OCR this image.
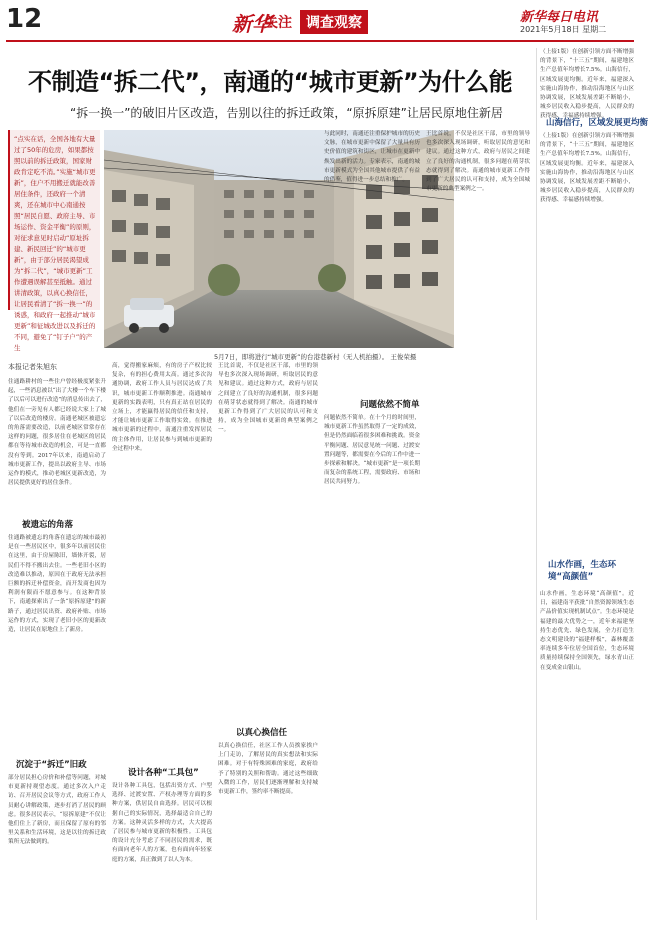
12	新华
关注	调查观察	新华每日电讯
2021年5月18日 星期二
不制造“拆二代”，南通的“城市更新”为什么能
“拆一换一”的破旧片区改造，告别以往的拆迁政策，“原拆原建”让居民原地住新居
“点实在话，全国各地有大量过了50年的危房，如果都按照以前的拆迁政策，国家财政肯定吃不消。”实施“城市更新”，住户不用搬迁就能改善居住条件，还政府一个清爽，还在城市中心南通按照“居民自愿、政府主导、市场运作、资金平衡”的原则，对征求意见时启动“原址拆建、新民回迁”的“城市更新”，由于部分居民渴望成为“拆二代”，“城市更新”工作遭遇误解甚至抵触。通过讲清政策，以真心换信任，让居民看清了“拆一换一”的诱惑，和政府一起推动“城市更新”和征城改进以及拆迁的不同，避免了“钉子户”的产生
5月7日，即将进行“城市更新”的台港巷新村（无人机拍摄）。 王俊荣摄
本报记者朱旭东
住通路耕村的一些住户曾经极度紧张升起，一些消息被以“出了大楼一个车下楼了以后可以进行改造”的消息传出去了，他们在一旁见有人都已经说大家上了城了以后改造的楼房。南通老城区被遗忘的角落需要改造，以前老城区常常存在这样的问题，很多居住在老城区的居民都在等待城市改造的机会，可是一直都没有等到。2017年以来，南通启动了城市更新工作，提出以政府主导、市场运作的模式，推动老城区更新改造，为居民提供更好的居住条件。
被遗忘的角落
住通路被遗忘的角落在遗忘的城市最初是在一些居民区中，很多年以前居民住在这里，由于房屋陈旧，墙体开裂，居民们不得不搬出去住。一些老旧小区的改造难以推动，原因在于政府无法承担巨额的拆迁补偿资金，而开发商也因为利润有限而不愿意参与。在这种背景下，南通探索出了一条“原拆原建”的新路子，通过居民出资、政府补贴、市场运作的方式，实现了老旧小区的更新改造，让居民在原地住上了新房。
沉淀于“拆迁”旧政
部分居民担心房价和补偿等问题，对城市更新持观望态度。通过多次入户走访、召开居民会议等方式，政府工作人员耐心讲解政策，逐步打消了居民的顾虑。很多居民表示，“原拆原建”不仅让他们住上了新房，而且保留了原有的邻里关系和生活环境，这是以往的拆迁政策所无法做到的。
高，觉得搬家麻烦，有的房子产权比较复杂，有的担心费用太高。通过多次沟通协调，政府工作人员与居民达成了共识，城市更新工作顺利推进。南通城市更新的实践表明，只有真正站在居民的立场上，才能赢得居民的信任和支持，才能让城市更新工作取得实效。在推进城市更新的过程中，南通注重发挥居民的主体作用，让居民参与到城市更新的全过程中来。
设计各种“工具包”
设计各种工具包，包括出资方式、户型选择、过渡安置、产权办理等方面的多种方案，供居民自由选择。居民可以根据自己的实际情况，选择最适合自己的方案。这种灵活多样的方式，大大提高了居民参与城市更新的积极性。工具包的设计充分考虑了不同居民的需求，既有面向老年人的方案，也有面向年轻家庭的方案，真正做到了以人为本。
王比首说，不仅是社区干部，市里的领导也多次深入现场调研，听取居民的意见和建议。通过这种方式，政府与居民之间建立了良好的沟通机制，很多问题在萌芽状态就得到了解决。南通的城市更新工作得到了广大居民的认可和支持，成为全国城市更新的典型案例之一。
以真心换信任
以真心换信任，社区工作人员挨家挨户上门走访，了解居民的真实想法和实际困难。对于有特殊困难的家庭，政府给予了特别的关照和帮助。通过这些细致入微的工作，居民们逐渐理解和支持城市更新工作，签约率不断提高。
问题依然不简单
与此同时，南通还注重保护城市的历史文脉，在城市更新中保留了大量具有历史价值的建筑和街区，让城市在更新中焕发出新的活力。专家表示，南通的城市更新模式为全国其他城市提供了有益的借鉴，值得进一步总结和推广。
问题依然不简单。在十个月的时间里，城市更新工作虽然取得了一定的成效，但是仍然面临着很多困难和挑战。资金平衡问题、居民意见统一问题、过渡安置问题等，都需要在今后的工作中进一步探索和解决。“城市更新”是一项长期而复杂的系统工程，需要政府、市场和居民共同努力。
王比首说，不仅是社区干部，市里的领导也多次深入现场调研，听取居民的意见和建议。通过这种方式，政府与居民之间建立了良好的沟通机制，很多问题在萌芽状态就得到了解决。南通的城市更新工作得到了广大居民的认可和支持，成为全国城市更新的典型案例之一。
（上接1版）在创新引领方面不断增强的背景下，“十三五”期间，福建地区生产总值年均增长7.5%。山海信行，区域发展更均衡。近年来，福建深入实施山海协作，推动沿海地区与山区协调发展，区域发展差距不断缩小，城乡居民收入稳步提高，人民群众的获得感、幸福感持续增强。
山海信行，区域发展更均衡
（上接1版）在创新引领方面不断增强的背景下，“十三五”期间，福建地区生产总值年均增长7.5%。山海信行，区域发展更均衡。近年来，福建深入实施山海协作，推动沿海地区与山区协调发展，区域发展差距不断缩小，城乡居民收入稳步提高，人民群众的获得感、幸福感持续增强。
山水作画，生态环境“高颜值”
山水作画，生态环境“高颜值”。近日，福建南平获批“自然资源领域生态产品价值实现机制试点”。生态环境是福建的最大优势之一，近年来福建坚持生态优先、绿色发展，全力打造生态文明建设的“福建样板”，森林覆盖率连续多年位居全国首位，生态环境质量持续保持全国领先，绿水青山正在变成金山银山。
